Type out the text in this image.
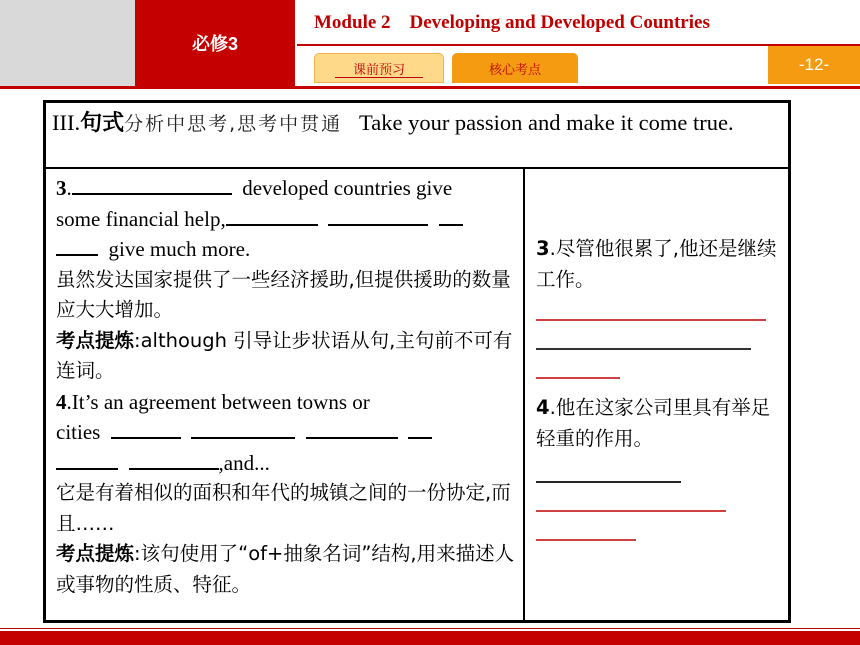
必修3
Module 2    Developing and Developed Countries
课前预习	核心考点	-12-
III.句式分析中思考,思考中贯通 Take your passion and make it come true.
3.	developed countries give
some financial help,
give much more.
虽然发达国家提供了一些经济援助,但提供援助的数量应大大增加。
考点提炼:although 引导让步状语从句,主句前不可有连词。
4.It’s an agreement between towns or
cities
,and...
它是有着相似的面积和年代的城镇之间的一份协定,而且……
考点提炼:该句使用了“of+抽象名词”结构,用来描述人或事物的性质、特征。
3.尽管他很累了,他还是继续工作。
4.他在这家公司里具有举足轻重的作用。
